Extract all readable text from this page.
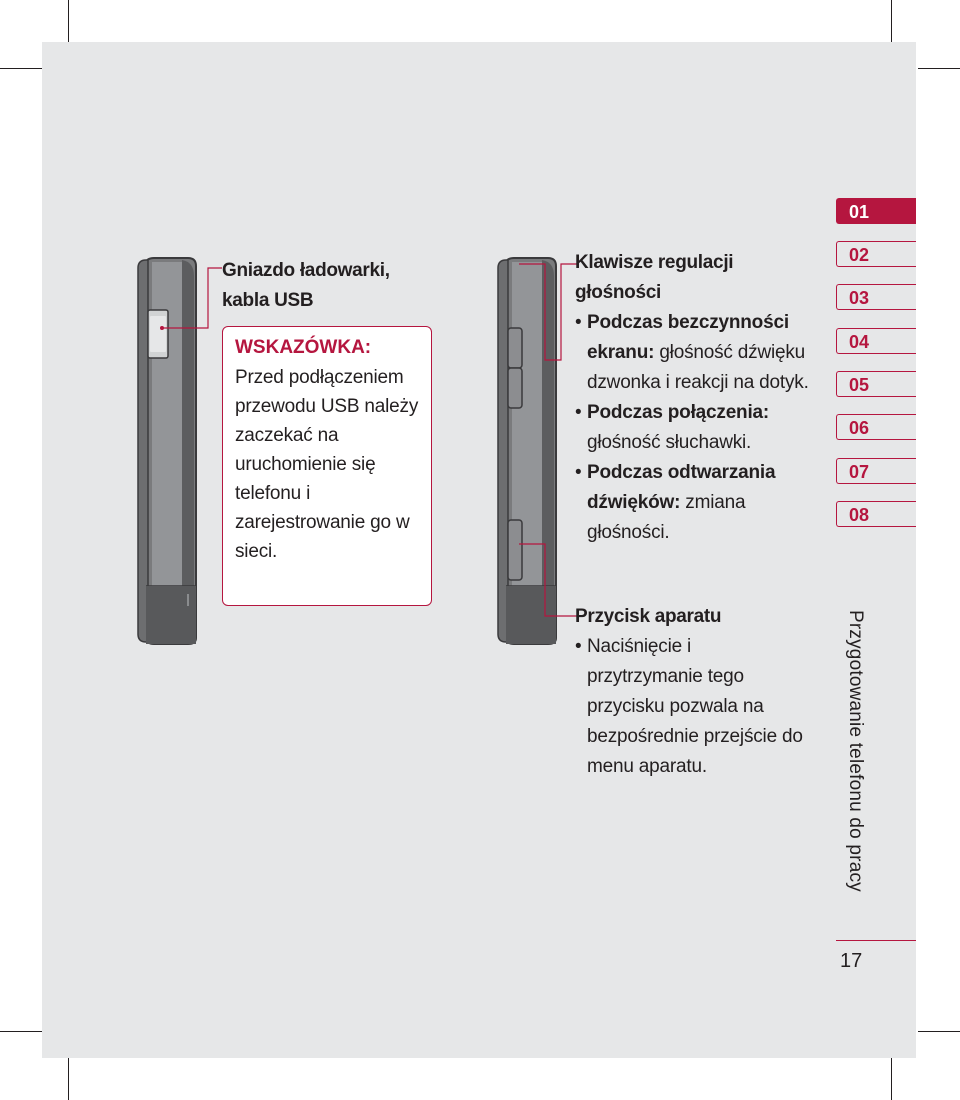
Gniazdo ładowarki, kabla USB
WSKAZÓWKA:
Przed podłączeniem przewodu USB należy zaczekać na uruchomienie się telefonu i zarejestrowanie go w sieci.
Klawisze regulacji głośności
• Podczas bezczynności ekranu: głośność dźwięku dzwonka i reakcji na dotyk.
• Podczas połączenia: głośność słuchawki.
• Podczas odtwarzania dźwięków: zmiana głośności.
Przycisk aparatu
• Naciśnięcie i przytrzymanie tego przycisku pozwala na bezpośrednie przejście do menu aparatu.
01
02
03
04
05
06
07
08
Przygotowanie telefonu do pracy
17
